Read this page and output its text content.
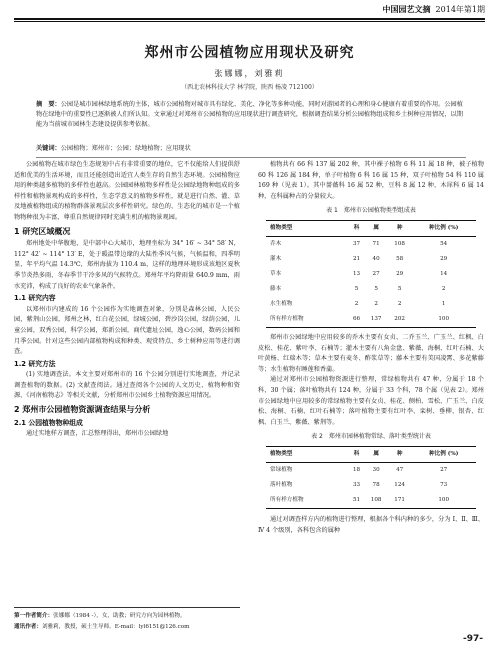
中国园艺文摘 2014年第1期
郑州市公园植物应用现状及研究
张娜娜，刘雅莉
（西北农林科技大学 林学院，陕西 杨凌 712100）
摘　要：公园是城市园林绿地系统的主体，城市公园植物对城市具有绿化、美化、净化等多种功能，同时对游园者的心理和身心健康有着重要的作用。公园植物在绿地中的重要性已逐渐被人们所认知。文章通过对郑州市公园植物的应用现状进行调查研究，根据调查结果分析公园植物组成和乡土树种应用情况，以期能为当前城市园林生态建设提供参考依据。
关键词：公园植物；郑州市；公园；绿地植物；应用现状

公园植物在城市绿色生态规划中占有非常重要的地位，它不仅能给人们提供舒适和优美的生活环境，而且还能创造出适宜人类生存的自然生态环境。公园植物应用的种类越多植物的多样性也越高。公园园林植物多样性是公园绿地物种组成的多样性和植物景观构成的多样性，生态学意义的植物多样性，就是进行自然、灌、草及地被植物组成的植物群落景观层次多样性研究。绿色的、生态化的城市是一个植物物种很为丰富，尊重自然规律同时充满生机的植物景观园。

1 研究区域概况

郑州地处中华腹地，是中部中心大城市，地理坐标为 34° 16′ ~ 34° 58′ N，112° 42′ ~ 114° 13′ E，处于暖温带边缘的大陆性季风气候，气候温和，四季明显，年平均气温 14.3℃，郑州海拔为 110.4 m，这样的地理环境形成该地区夏秋季节炎热多雨、冬春季节干冷多风的气候特点。郑州年平均降雨量 640.9 mm，雨水充沛，构成了良好的农业气象条件。

1.1 研究内容

以郑州市内建成的 16 个公园作为实地调查对象，分别是森林公园，人民公园，紫荆山公园，郑州之林，红白花公园，绿城公园，碧沙岗公园，绿荫公园，儿童公园，双秀公园，科学公园，郑新公园，商代遗址公园，逸心公园，数码公园和月季公园。针对这些公园内部植物构成和种类、观赏特点、乡土树种应用等进行调查。

1.2 研究方法

(1) 实地调查法。本文主要对郑州市的 16 个公园分别进行实地调查，并记录调查植物的数据。(2) 文献查阅法。通过查阅各个公园的人文历史、植物种和资源，《河南植物志》等相关文献，分析郑州市公园乡土植物资源应用情况。

2 郑州市公园植物资源调查结果与分析
2.1 公园植物物种组成

通过实地样方调查，汇总整理得出，郑州市公园绿地

第一作者简介：张娜娜（1984 -），女，助教；研究方向为园林植物。
通讯作者：刘雅莉，教授，硕士生导师。E-mail：lyl6151@126.com

植物共有 66 科 137 属 202 种，其中裸子植物 6 科 11 属 18 种，被子植物 60 科 126 属 184 种，单子叶植物 6 科 16 属 15 种，双子叶植物 54 科 110 属 169 种（见表 1）。其中蔷薇科 16 属 52 种，豆科 8 属 12 种、木犀科 6 属 14 种，在科属种占的分量较大。

表 1　郑州市公园植物类型组成表
植物类型	科	属	种	种比例 (%)
乔木	37	71	108	54
灌木	21	40	58	29
草本	13	27	29	14
藤本	5	5	5	2
水生植物	2	2	2	1
所有样方植物	66	137	202	100

郑州市公园绿地中应用较多的乔木主要有女贞、二乔玉兰、广玉兰、红枫、白皮松、桂花、紫叶李、石楠等；灌木主要有八角金盘、紫薇、海桐、红叶石楠、大叶黄杨、红瑞木等；草本主要有麦冬、酢浆草等；藤本主要有美国凌霄、多花紫藤等；水生植物有睡莲和香蒲。

通过对郑州市公园植物资源进行整理，常绿植物共有 47 种，分属于 18 个科，30 个属；落叶植物共有 124 种，分属于 33 个科，78 个属（见表 2）。郑州市公园绿地中应用较多的常绿植物主要有女贞、桂花、侧柏、雪松、广玉兰、白皮松、海桐、石楠、红叶石楠等；落叶植物主要有红叶李、栾树、垂柳、银杏、红枫、白玉兰、紫薇、紫荆等。

表 2　郑州市园林植物常绿、落叶类型统计表
植物类型	科	属	种	种比例 (%)
常绿植物	18	30	47	27
落叶植物	33	78	124	73
所有样方植物	51	108	171	100

通过对调查样方内的植物进行整理，根据各个科内种的多少，分为 Ⅰ、Ⅱ、Ⅲ、Ⅳ 4 个级别，各科包含的属种

-97-
